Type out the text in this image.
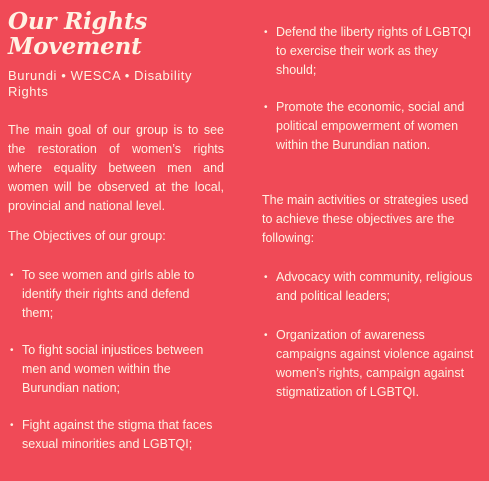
Our Rights
Movement
Burundi • WESCA • Disability Rights

The main goal of our group is to see the restoration of women’s rights where equality between men and women will be observed at the local, provincial and national level.

The Objectives of our group:

• To see women and girls able to identify their rights and defend them;
• To fight social injustices between men and women within the Burundian nation;
• Fight against the stigma that faces sexual minorities and LGBTQI;
• Defend the liberty rights of LGBTQI to exercise their work as they should;
• Promote the economic, social and political empowerment of women within the Burundian nation.

The main activities or strategies used to achieve these objectives are the following:

• Advocacy with community, religious and political leaders;
• Organization of awareness campaigns against violence against women’s rights, campaign against stigmatization of LGBTQI.
